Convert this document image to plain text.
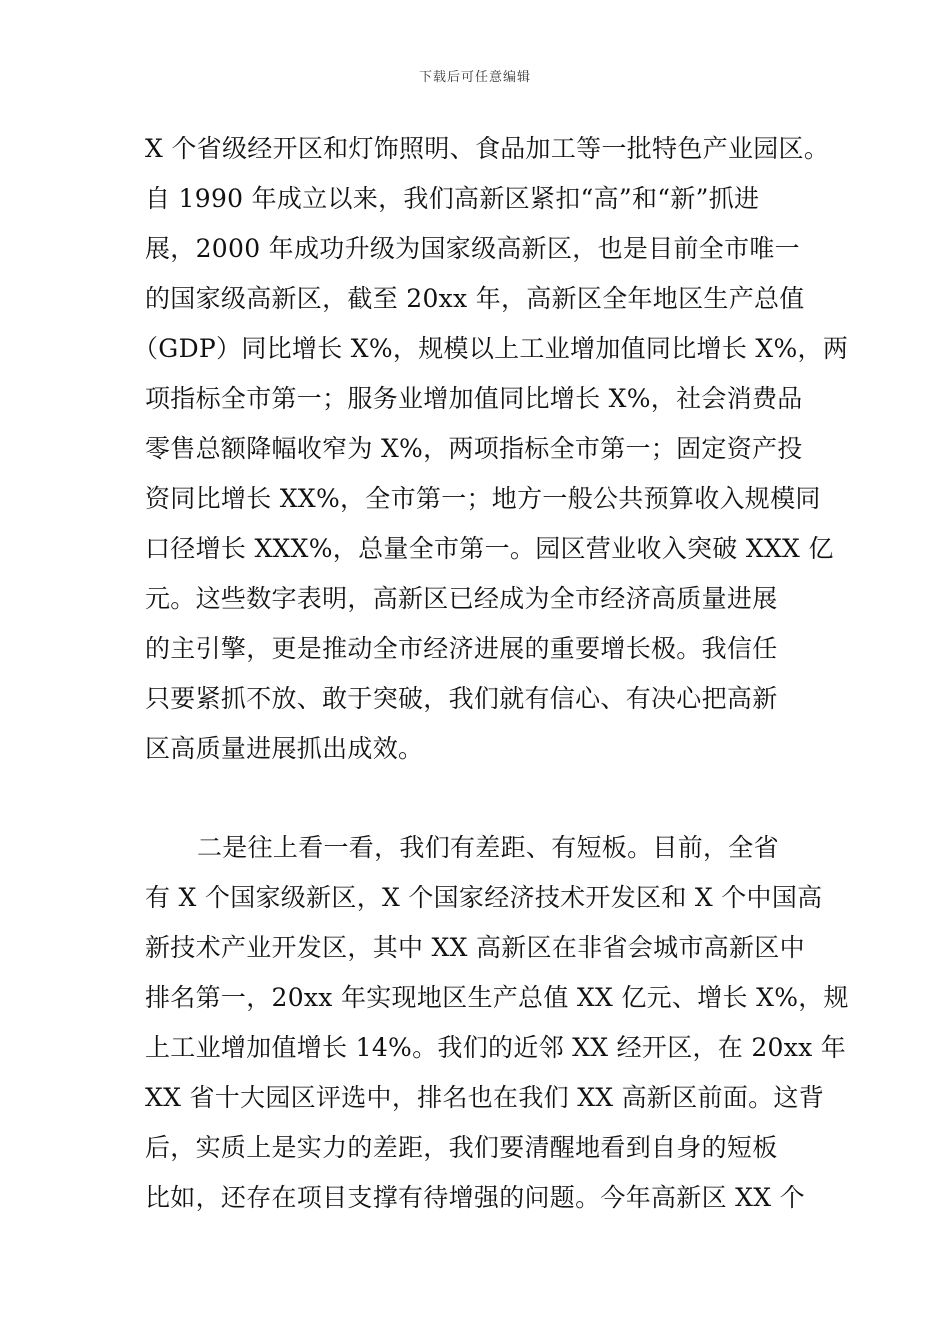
下载后可任意编辑
X 个省级经开区和灯饰照明、食品加工等一批特色产业园区。
自 1990 年成立以来，我们高新区紧扣“高”和“新”抓进
展，2000 年成功升级为国家级高新区，也是目前全市唯一
的国家级高新区，截至 20xx 年，高新区全年地区生产总值
（GDP）同比增长 X%，规模以上工业增加值同比增长 X%，两
项指标全市第一；服务业增加值同比增长 X%，社会消费品
零售总额降幅收窄为 X%，两项指标全市第一；固定资产投
资同比增长 XX%，全市第一；地方一般公共预算收入规模同
口径增长 XXX%，总量全市第一。园区营业收入突破 XXX 亿
元。这些数字表明，高新区已经成为全市经济高质量进展
的主引擎，更是推动全市经济进展的重要增长极。我信任
只要紧抓不放、敢于突破，我们就有信心、有决心把高新
区高质量进展抓出成效。
二是往上看一看，我们有差距、有短板。目前，全省
有 X 个国家级新区，X 个国家经济技术开发区和 X 个中国高
新技术产业开发区，其中 XX 高新区在非省会城市高新区中
排名第一，20xx 年实现地区生产总值 XX 亿元、增长 X%，规
上工业增加值增长 14%。我们的近邻 XX 经开区，在 20xx 年
XX 省十大园区评选中，排名也在我们 XX 高新区前面。这背
后，实质上是实力的差距，我们要清醒地看到自身的短板
比如，还存在项目支撑有待增强的问题。今年高新区 XX 个
